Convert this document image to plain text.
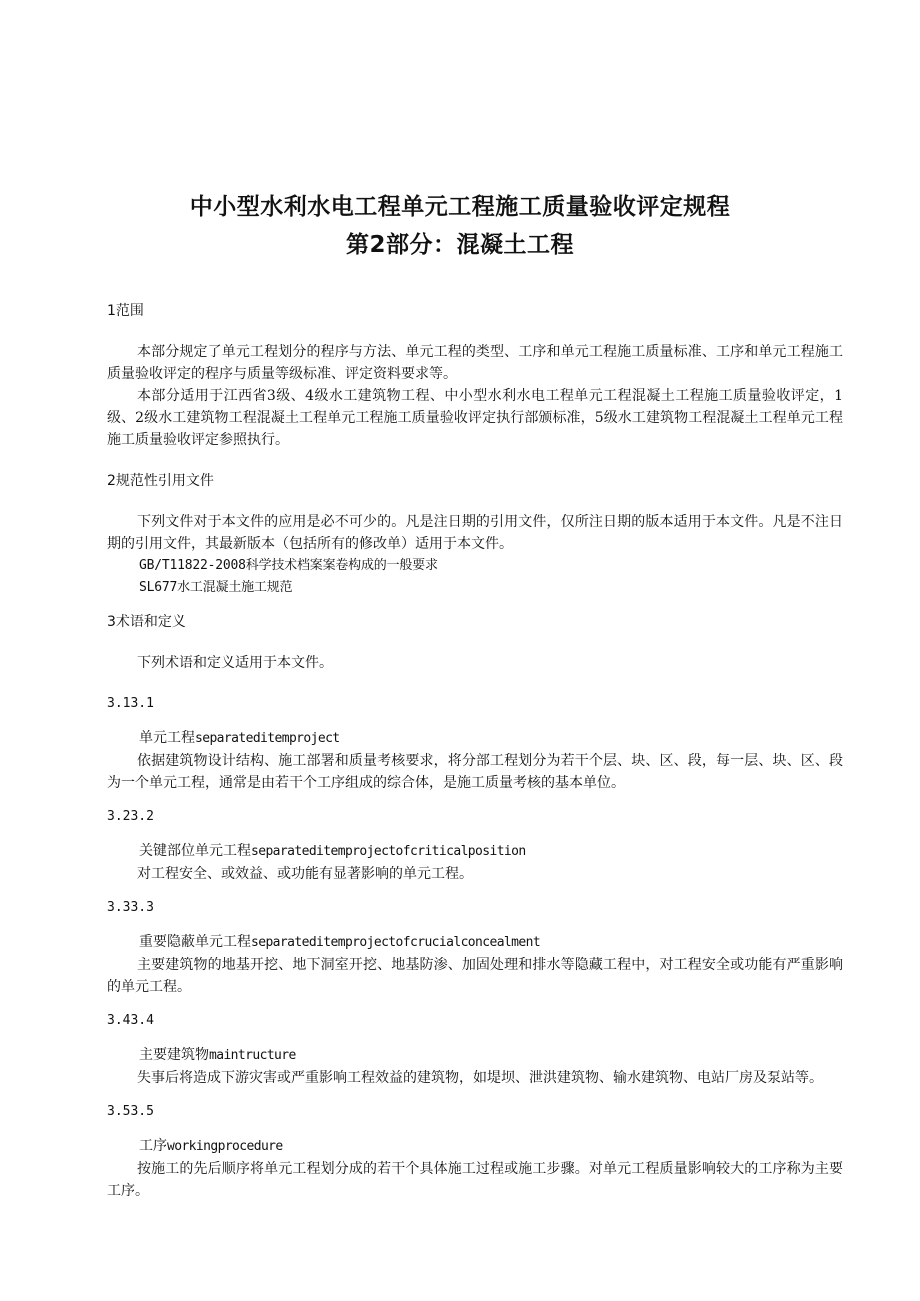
中小型水利水电工程单元工程施工质量验收评定规程
第2部分：混凝土工程

1范围

本部分规定了单元工程划分的程序与方法、单元工程的类型、工序和单元工程施工质量标准、工序和单元工程施工质量验收评定的程序与质量等级标准、评定资料要求等。

本部分适用于江西省3级、4级水工建筑物工程、中小型水利水电工程单元工程混凝土工程施工质量验收评定，1级、2级水工建筑物工程混凝土工程单元工程施工质量验收评定执行部颁标准，5级水工建筑物工程混凝土工程单元工程施工质量验收评定参照执行。

2规范性引用文件

下列文件对于本文件的应用是必不可少的。凡是注日期的引用文件，仅所注日期的版本适用于本文件。凡是不注日期的引用文件，其最新版本（包括所有的修改单）适用于本文件。

GB/T11822-2008科学技术档案案卷构成的一般要求

SL677水工混凝土施工规范

3术语和定义

下列术语和定义适用于本文件。

3.13.1

单元工程separateditemproject

依据建筑物设计结构、施工部署和质量考核要求，将分部工程划分为若干个层、块、区、段，每一层、块、区、段为一个单元工程，通常是由若干个工序组成的综合体，是施工质量考核的基本单位。

3.23.2

关键部位单元工程separateditemprojectofcriticalposition

对工程安全、或效益、或功能有显著影响的单元工程。

3.33.3

重要隐蔽单元工程separateditemprojectofcrucialconcealment

主要建筑物的地基开挖、地下洞室开挖、地基防渗、加固处理和排水等隐藏工程中，对工程安全或功能有严重影响的单元工程。

3.43.4

主要建筑物maintructure

失事后将造成下游灾害或严重影响工程效益的建筑物，如堤坝、泄洪建筑物、输水建筑物、电站厂房及泵站等。

3.53.5

工序workingprocedure

按施工的先后顺序将单元工程划分成的若干个具体施工过程或施工步骤。对单元工程质量影响较大的工序称为主要工序。
